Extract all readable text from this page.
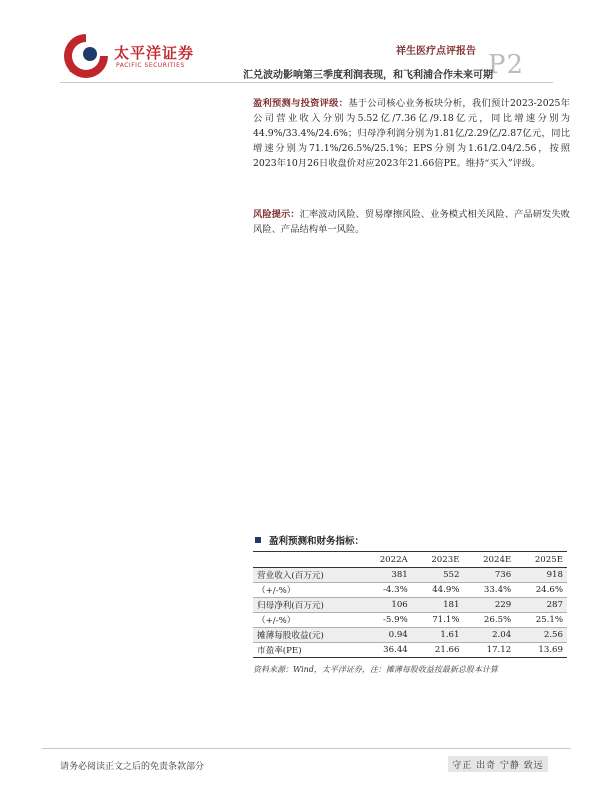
太平洋证券
PACIFIC SECURITIES
祥生医疗点评报告 P2
汇兑波动影响第三季度利润表现，和飞利浦合作未来可期
盈利预测与投资评级：基于公司核心业务板块分析，我们预计2023-2025年公司营业收入分别为5.52亿/7.36亿/9.18亿元，同比增速分别为44.9%/33.4%/24.6%；归母净利润分别为1.81亿/2.29亿/2.87亿元，同比增速分别为71.1%/26.5%/25.1%；EPS分别为1.61/2.04/2.56，按照2023年10月26日收盘价对应2023年21.66倍PE。维持“买入”评级。
风险提示：汇率波动风险、贸易摩擦风险、业务模式相关风险、产品研发失败风险、产品结构单一风险。
盈利预测和财务指标：
	2022A	2023E	2024E	2025E
营业收入(百万元)	381	552	736	918
（+/-%）	-4.3%	44.9%	33.4%	24.6%
归母净利(百万元)	106	181	229	287
（+/-%）	-5.9%	71.1%	26.5%	25.1%
摊薄每股收益(元)	0.94	1.61	2.04	2.56
市盈率(PE)	36.44	21.66	17.12	13.69
资料来源：Wind，太平洋证券，注：摊薄每股收益按最新总股本计算
请务必阅读正文之后的免责条款部分	守正 出奇 宁静 致远
